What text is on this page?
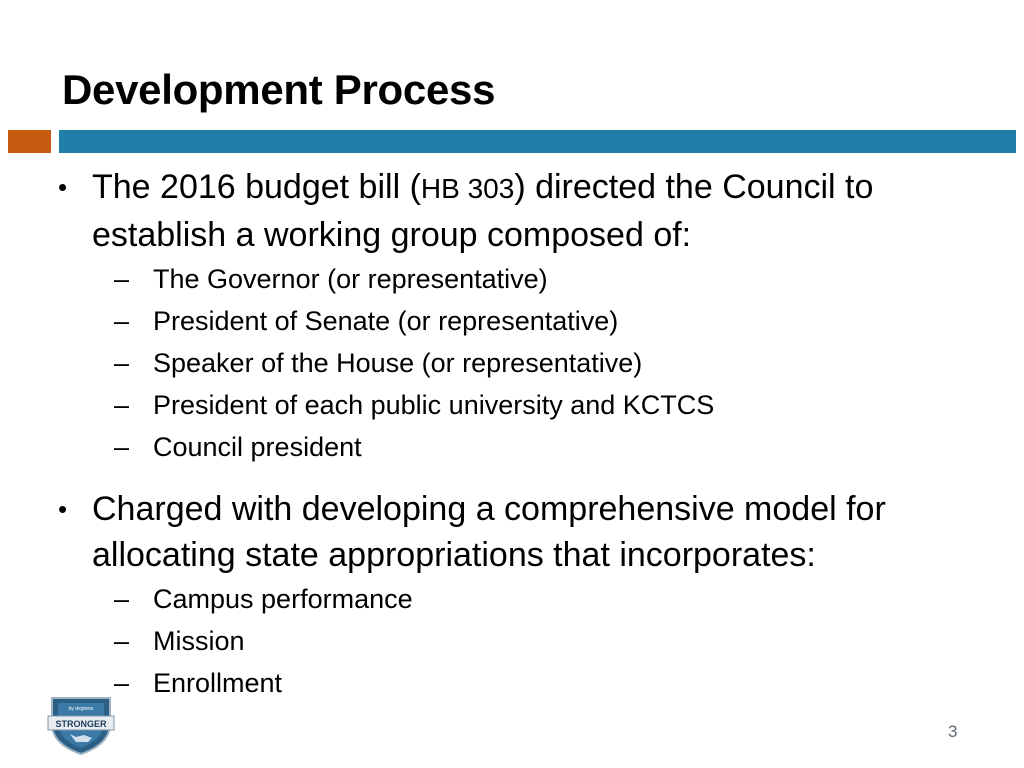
Development Process
• The 2016 budget bill (HB 303) directed the Council to establish a working group composed of:
– The Governor (or representative)
– President of Senate (or representative)
– Speaker of the House (or representative)
– President of each public university and KCTCS
– Council president
• Charged with developing a comprehensive model for allocating state appropriations that incorporates:
– Campus performance
– Mission
– Enrollment
STRONGER
by degrees
3
